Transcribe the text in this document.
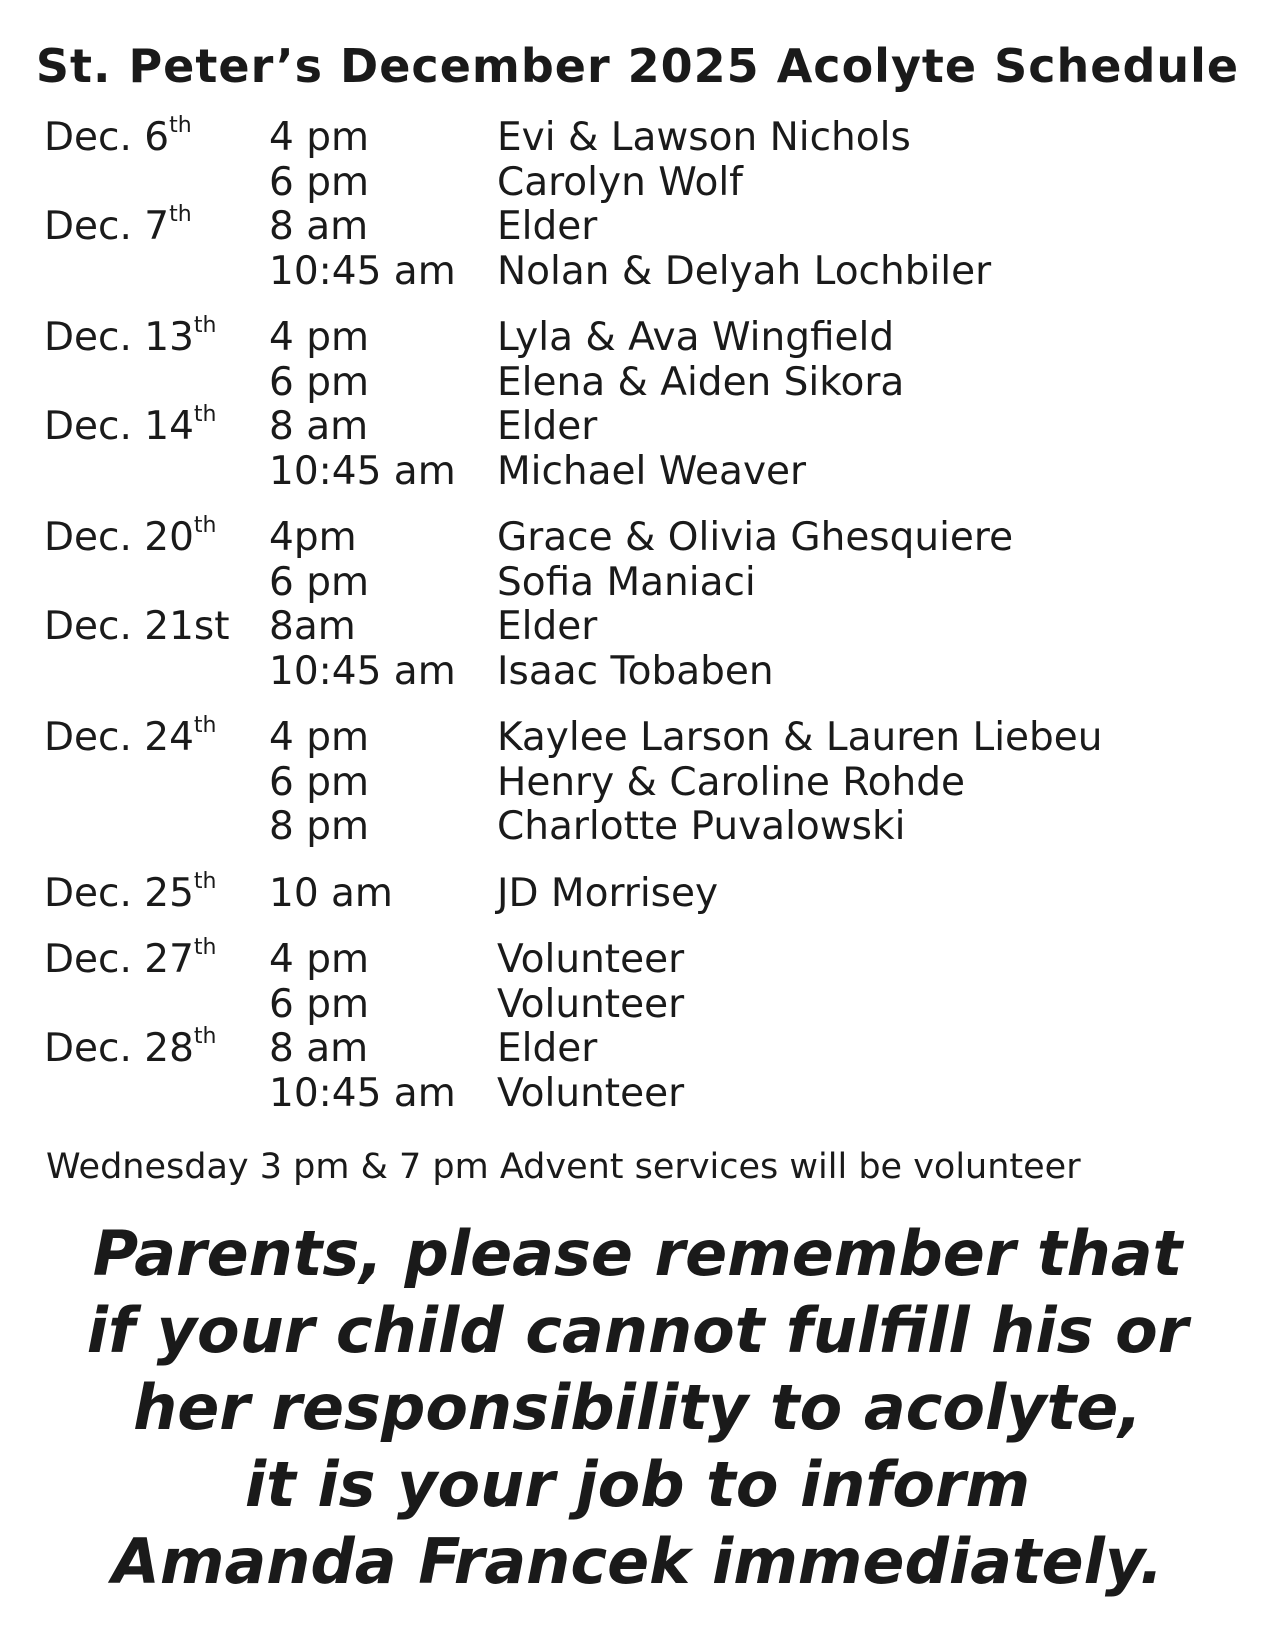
St. Peter’s December 2025 Acolyte Schedule
Dec. 6th 4 pm	Evi & Lawson Nichols
6 pm	Carolyn Wolf
Dec. 7th 8 am	Elder
10:45 am Nolan & Delyah Lochbiler
Dec. 13th 4 pm	Lyla & Ava Wingfield
6 pm	Elena & Aiden Sikora
Dec. 14th 8 am	Elder
10:45 am Michael Weaver
Dec. 20th 4pm	Grace & Olivia Ghesquiere
6 pm	Sofia Maniaci
Dec. 21st 8am	Elder
10:45 am Isaac Tobaben
Dec. 24th 4 pm	Kaylee Larson & Lauren Liebeu
6 pm	Henry & Caroline Rohde
8 pm	Charlotte Puvalowski
Dec. 25th 10 am	JD Morrisey
Dec. 27th 4 pm	Volunteer
6 pm	Volunteer
Dec. 28th 8 am	Elder
10:45 am Volunteer
Wednesday 3 pm & 7 pm Advent services will be volunteer
Parents, please remember that
if your child cannot fulfill his or
her responsibility to acolyte,
it is your job to inform
Amanda Francek immediately.
